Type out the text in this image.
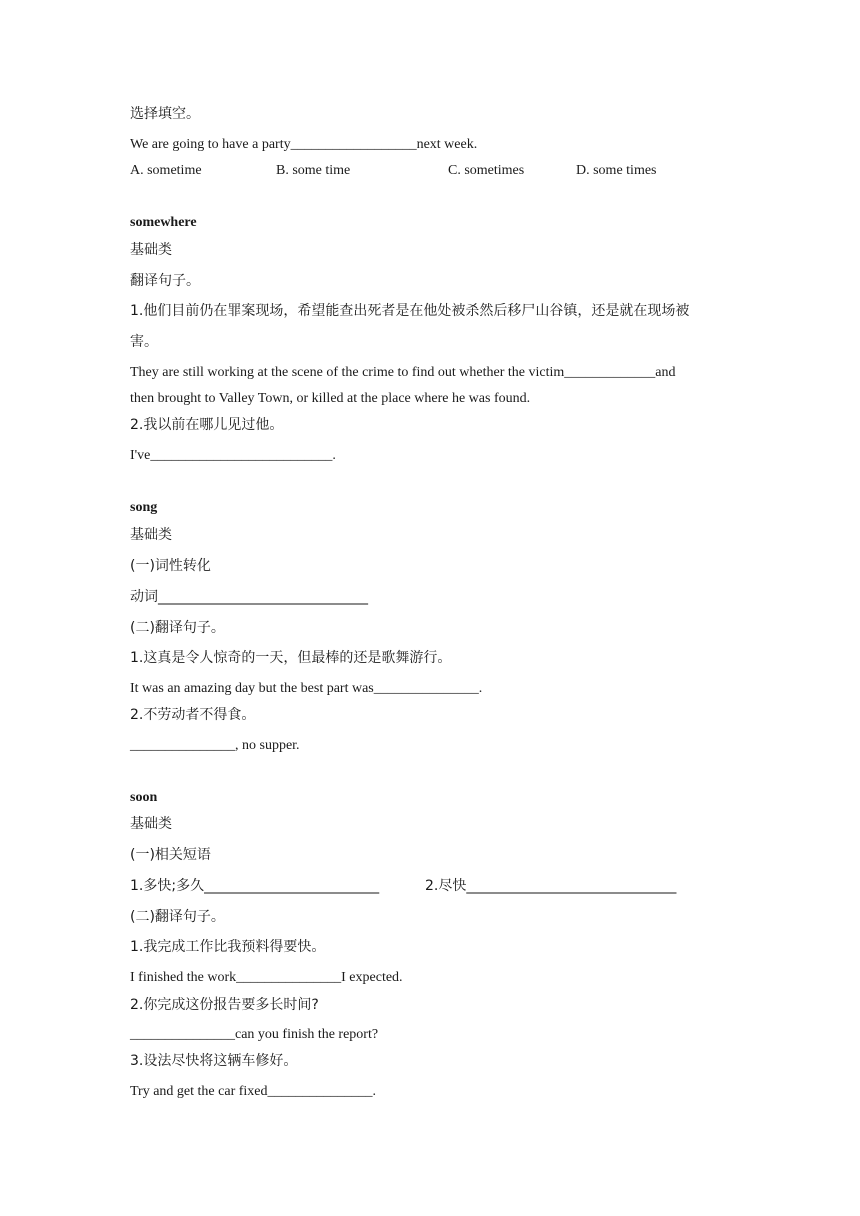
选择填空。
We are going to have a party__________________next week.
A. sometime	B. some time	C. sometimes	D. some times
somewhere
基础类
翻译句子。
1.他们目前仍在罪案现场，希望能查出死者是在他处被杀然后移尸山谷镇，还是就在现场被
害。
They are still working at the scene of the crime to find out whether the victim_____________and
then brought to Valley Town, or killed at the place where he was found.
2.我以前在哪儿见过他。
I've__________________________.
song
基础类
(一)词性转化
动词______________________________
(二)翻译句子。
1.这真是令人惊奇的一天，但最棒的还是歌舞游行。
It was an amazing day but the best part was_______________.
2.不劳动者不得食。
_______________, no supper.
soon
基础类
(一)相关短语
1.多快;多久_________________________	2.尽快______________________________
(二)翻译句子。
1.我完成工作比我预料得要快。
I finished the work_______________I expected.
2.你完成这份报告要多长时间?
_______________can you finish the report?
3.设法尽快将这辆车修好。
Try and get the car fixed_______________.
